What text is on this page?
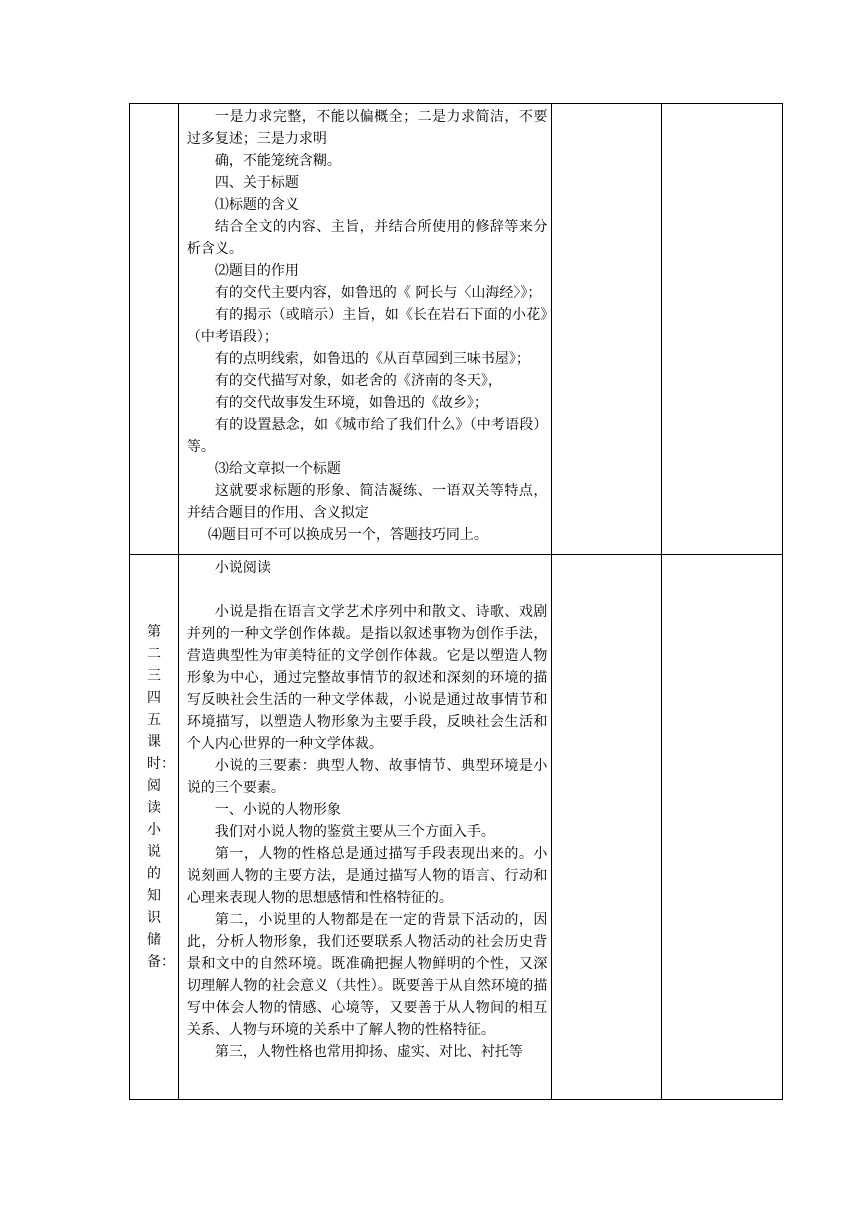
一是力求完整，不能以偏概全；二是力求简洁，不要过多复述；三是力求明

确，不能笼统含糊。

四、关于标题

⑴标题的含义

结合全文的内容、主旨，并结合所使用的修辞等来分析含义。

⑵题目的作用

有的交代主要内容，如鲁迅的《 阿长与〈山海经〉》；

有的揭示（或暗示）主旨，如《长在岩石下面的小花》（中考语段）；

有的点明线索，如鲁迅的《从百草园到三味书屋》；

有的交代描写对象，如老舍的《济南的冬天》，

有的交代故事发生环境，如鲁迅的《故乡》；

有的设置悬念，如《城市给了我们什么》（中考语段）等。

⑶给文章拟一个标题

这就要求标题的形象、简洁凝练、一语双关等特点，并结合题目的作用、含义拟定

⑷题目可不可以换成另一个，答题技巧同上。

第二三四五课时：阅读小说的知识储备：

小说阅读

小说是指在语言文学艺术序列中和散文、诗歌、戏剧并列的一种文学创作体裁。是指以叙述事物为创作手法，营造典型性为审美特征的文学创作体裁。它是以塑造人物形象为中心，通过完整故事情节的叙述和深刻的环境的描写反映社会生活的一种文学体裁，小说是通过故事情节和环境描写，以塑造人物形象为主要手段，反映社会生活和个人内心世界的一种文学体裁。

小说的三要素：典型人物、故事情节、典型环境是小说的三个要素。

一、小说的人物形象

我们对小说人物的鉴赏主要从三个方面入手。

第一，人物的性格总是通过描写手段表现出来的。小说刻画人物的主要方法，是通过描写人物的语言、行动和心理来表现人物的思想感情和性格特征的。

第二，小说里的人物都是在一定的背景下活动的，因此，分析人物形象，我们还要联系人物活动的社会历史背景和文中的自然环境。既准确把握人物鲜明的个性，又深切理解人物的社会意义（共性）。既要善于从自然环境的描写中体会人物的情感、心境等，又要善于从人物间的相互关系、人物与环境的关系中了解人物的性格特征。

第三，人物性格也常用抑扬、虚实、对比、衬托等
